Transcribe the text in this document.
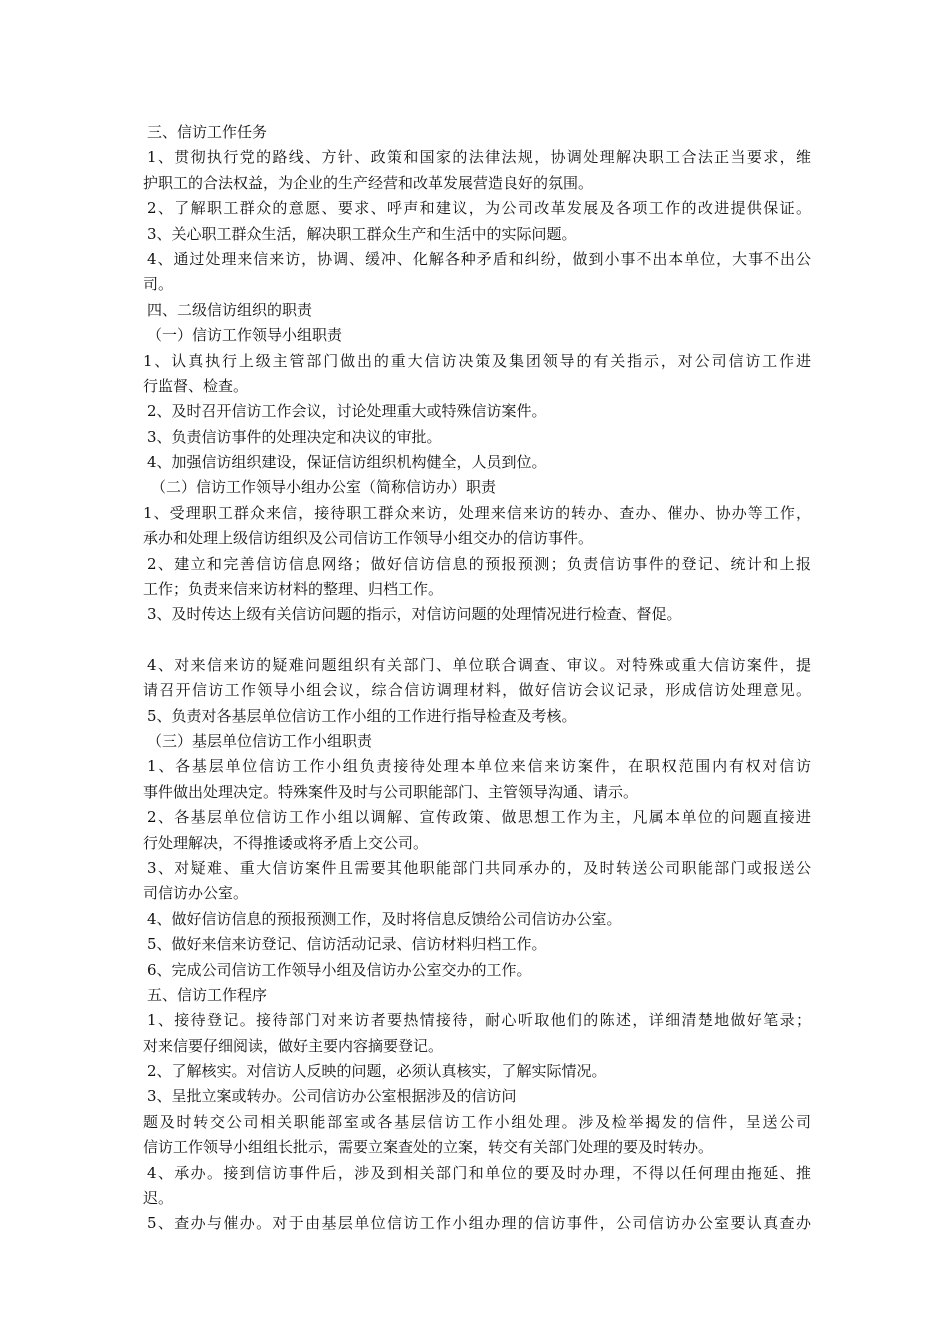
三、信访工作任务
1、贯彻执行党的路线、方针、政策和国家的法律法规，协调处理解决职工合法正当要求，维
护职工的合法权益，为企业的生产经营和改革发展营造良好的氛围。
2、了解职工群众的意愿、要求、呼声和建议，为公司改革发展及各项工作的改进提供保证。
3、关心职工群众生活，解决职工群众生产和生活中的实际问题。
4、通过处理来信来访，协调、缓冲、化解各种矛盾和纠纷，做到小事不出本单位，大事不出公
司。
四、二级信访组织的职责
（一）信访工作领导小组职责
1、认真执行上级主管部门做出的重大信访决策及集团领导的有关指示，对公司信访工作进
行监督、检查。
2、及时召开信访工作会议，讨论处理重大或特殊信访案件。
3、负责信访事件的处理决定和决议的审批。
4、加强信访组织建设，保证信访组织机构健全，人员到位。
（二）信访工作领导小组办公室（简称信访办）职责
1、受理职工群众来信，接待职工群众来访，处理来信来访的转办、查办、催办、协办等工作，
承办和处理上级信访组织及公司信访工作领导小组交办的信访事件。
2、建立和完善信访信息网络；做好信访信息的预报预测；负责信访事件的登记、统计和上报
工作；负责来信来访材料的整理、归档工作。
3、及时传达上级有关信访问题的指示，对信访问题的处理情况进行检查、督促。
4、对来信来访的疑难问题组织有关部门、单位联合调查、审议。对特殊或重大信访案件，提
请召开信访工作领导小组会议，综合信访调理材料，做好信访会议记录，形成信访处理意见。
5、负责对各基层单位信访工作小组的工作进行指导检查及考核。
（三）基层单位信访工作小组职责
1、各基层单位信访工作小组负责接待处理本单位来信来访案件，在职权范围内有权对信访
事件做出处理决定。特殊案件及时与公司职能部门、主管领导沟通、请示。
2、各基层单位信访工作小组以调解、宣传政策、做思想工作为主，凡属本单位的问题直接进
行处理解决，不得推诿或将矛盾上交公司。
3、对疑难、重大信访案件且需要其他职能部门共同承办的，及时转送公司职能部门或报送公
司信访办公室。
4、做好信访信息的预报预测工作，及时将信息反馈给公司信访办公室。
5、做好来信来访登记、信访活动记录、信访材料归档工作。
6、完成公司信访工作领导小组及信访办公室交办的工作。
五、信访工作程序
1、接待登记。接待部门对来访者要热情接待，耐心听取他们的陈述，详细清楚地做好笔录；
对来信要仔细阅读，做好主要内容摘要登记。
2、了解核实。对信访人反映的问题，必须认真核实，了解实际情况。
3、呈批立案或转办。公司信访办公室根据涉及的信访问
题及时转交公司相关职能部室或各基层信访工作小组处理。涉及检举揭发的信件，呈送公司
信访工作领导小组组长批示，需要立案查处的立案，转交有关部门处理的要及时转办。
4、承办。接到信访事件后，涉及到相关部门和单位的要及时办理，不得以任何理由拖延、推
迟。
5、查办与催办。对于由基层单位信访工作小组办理的信访事件，公司信访办公室要认真查办
